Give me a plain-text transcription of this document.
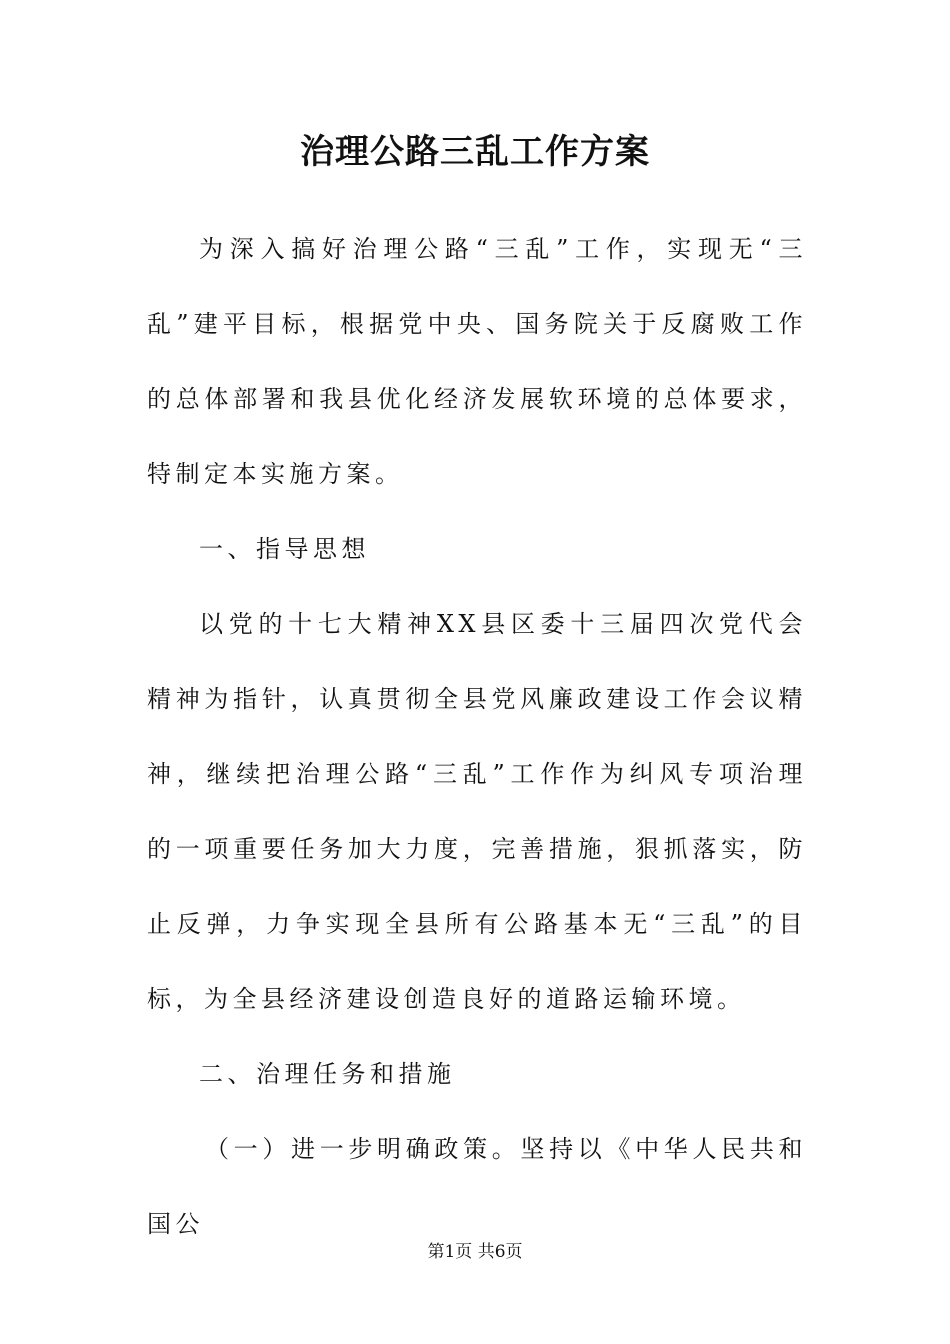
治理公路三乱工作方案

为深入搞好治理公路“三乱”工作，实现无“三乱”建平目标，根据党中央、国务院关于反腐败工作的总体部署和我县优化经济发展软环境的总体要求，特制定本实施方案。

一、指导思想

以党的十七大精神XX县区委十三届四次党代会精神为指针，认真贯彻全县党风廉政建设工作会议精神，继续把治理公路“三乱”工作作为纠风专项治理的一项重要任务加大力度，完善措施，狠抓落实，防止反弹，力争实现全县所有公路基本无“三乱”的目标，为全县经济建设创造良好的道路运输环境。

二、治理任务和措施

（一）进一步明确政策。坚持以《中华人民共和国公

第1页 共6页
